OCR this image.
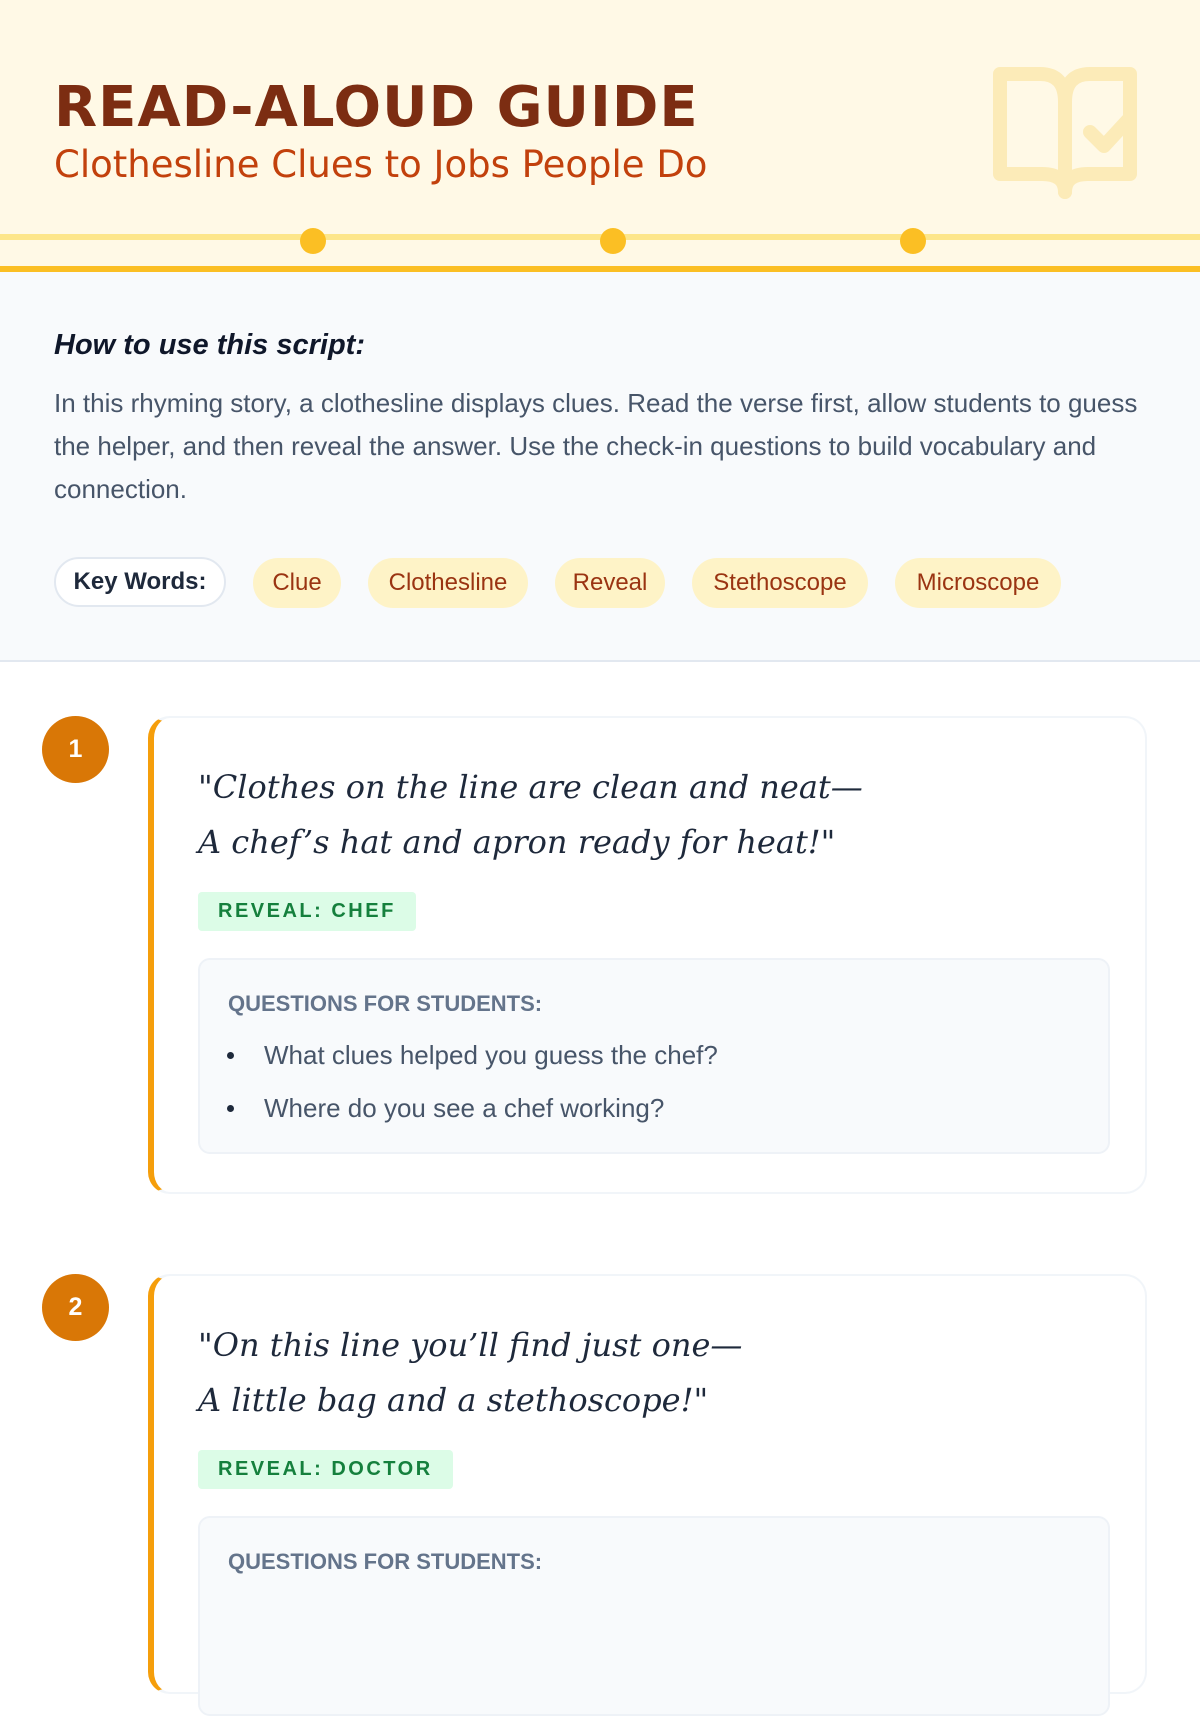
READ-ALOUD GUIDE
Clothesline Clues to Jobs People Do
How to use this script:
In this rhyming story, a clothesline displays clues. Read the verse first, allow students to guess the helper, and then reveal the answer. Use the check-in questions to build vocabulary and connection.
Key Words:	Clue	Clothesline	Reveal	Stethoscope	Microscope
1
"Clothes on the line are clean and neat—
A chef’s hat and apron ready for heat!"
REVEAL: CHEF
QUESTIONS FOR STUDENTS:
What clues helped you guess the chef?
Where do you see a chef working?
2
"On this line you’ll find just one—
A little bag and a stethoscope!"
REVEAL: DOCTOR
QUESTIONS FOR STUDENTS:
